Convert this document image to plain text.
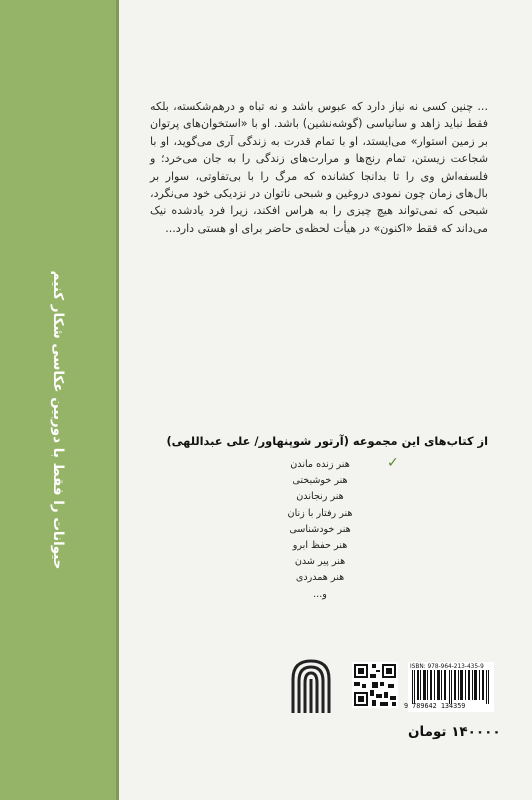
حیوانات را فقط با دوربین عکاسی شکار کنیم

... چنین کسی نه نیاز دارد که عبوس باشد و نه تباه و درهم‌شکسته، بلکه فقط نباید زاهد و سانیاسی (گوشه‌نشین) باشد. او با «استخوان‌های پرتوان بر زمین استوار» می‌ایستد، او با تمام قدرت به زندگی آری می‌گوید، او با شجاعت زیستن، تمام رنج‌ها و مرارت‌های زندگی را به جان می‌خرد؛ و فلسفه‌اش وی را تا بدانجا کشانده که مرگ را با بی‌تفاوتی، سوار بر بال‌های زمان چون نمودی دروغین و شبحی ناتوان در نزدیکی خود می‌نگرد، شبحی که نمی‌تواند هیچ چیزی را به هراس افکند، زیرا فرد یادشده نیک می‌داند که فقط «اکنون» در هیأت لحظه‌ی حاضر برای او هستی دارد...

از کتاب‌های این مجموعه (آرتور شوپنهاور/ علی عبداللهی)
✓
هنر زنده ماندن
هنر خوشبختی
هنر رنجاندن
هنر رفتار با زنان
هنر خودشناسی
هنر حفظ ابرو
هنر پیر شدن
هنر همدردی
و...
ISBN: 978-964-213-435-9
9 789642 134359
۱۴۰۰۰۰ تومان
